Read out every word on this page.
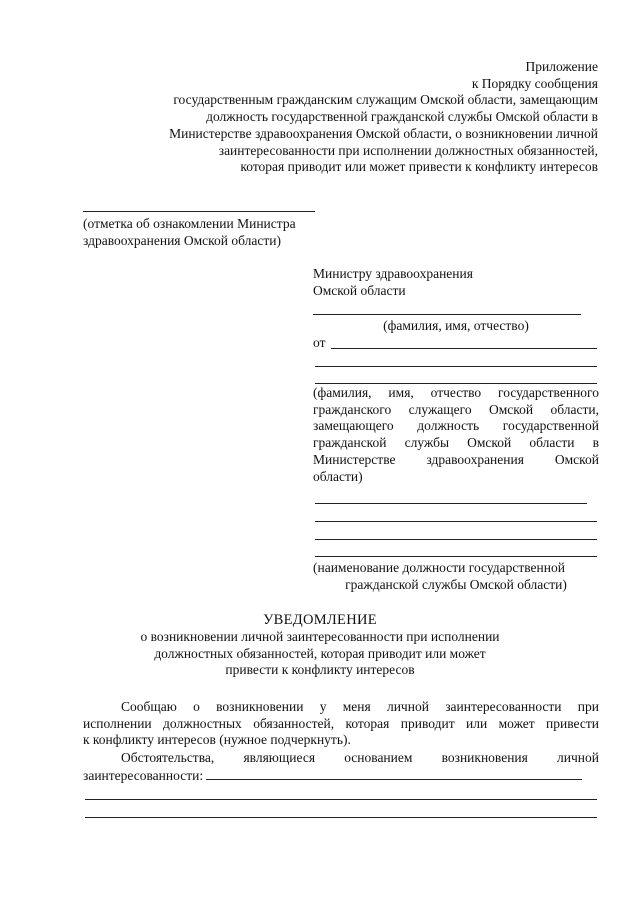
Приложение
к Порядку сообщения
государственным гражданским служащим Омской области, замещающим
должность государственной гражданской службы Омской области в
Министерстве здравоохранения Омской области, о возникновении личной
заинтересованности при исполнении должностных обязанностей,
которая приводит или может привести к конфликту интересов
(отметка об ознакомлении Министра
здравоохранения Омской области)
Министру здравоохранения
Омской области
(фамилия, имя, отчество)
от
(фамилия, имя, отчество государственного
гражданского служащего Омской области,
замещающего должность государственной
гражданской службы Омской области в
Министерстве здравоохранения Омской
области)
(наименование должности государственной
гражданской службы Омской области)
УВЕДОМЛЕНИЕ
о возникновении личной заинтересованности при исполнении
должностных обязанностей, которая приводит или может
привести к конфликту интересов
Сообщаю о возникновении у меня личной заинтересованности при
исполнении должностных обязанностей, которая приводит или может привести
к конфликту интересов (нужное подчеркнуть).
Обстоятельства, являющиеся основанием возникновения личной
заинтересованности:
